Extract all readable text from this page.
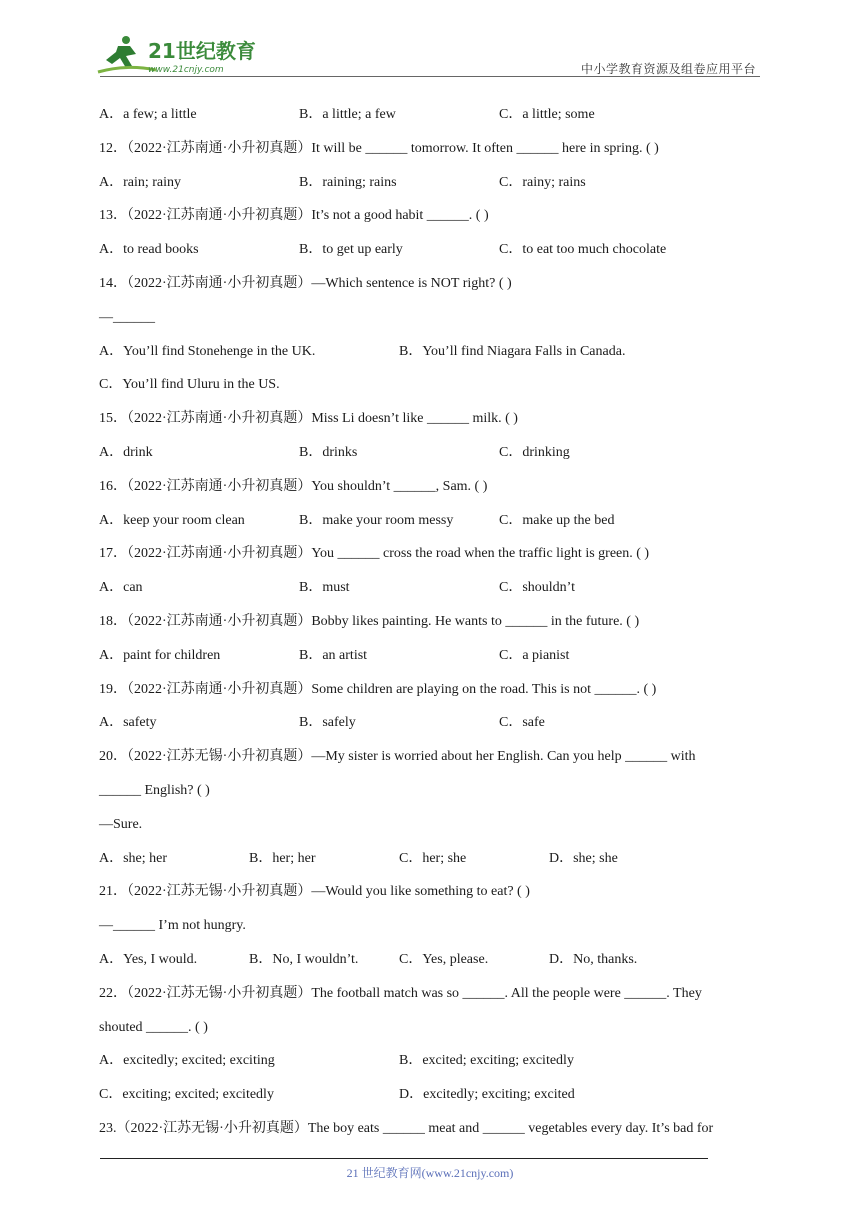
21世纪教育
www.21cnjy.com	中小学教育资源及组卷应用平台
A．a few; a little	B．a little; a few	C．a little; some
12．（2022·江苏南通·小升初真题）It will be ______ tomorrow. It often ______ here in spring. ( )
A．rain; rainy	B．raining; rains	C．rainy; rains
13．（2022·江苏南通·小升初真题）It’s not a good habit ______. ( )
A．to read books	B．to get up early	C．to eat too much chocolate
14．（2022·江苏南通·小升初真题）—Which sentence is NOT right? ( )
—______
A．You’ll find Stonehenge in the UK.	B．You’ll find Niagara Falls in Canada.
C．You’ll find Uluru in the US.
15．（2022·江苏南通·小升初真题）Miss Li doesn’t like ______ milk. ( )
A．drink	B．drinks	C．drinking
16．（2022·江苏南通·小升初真题）You shouldn’t ______, Sam. ( )
A．keep your room clean	B．make your room messy	C．make up the bed
17．（2022·江苏南通·小升初真题）You ______ cross the road when the traffic light is green. ( )
A．can	B．must	C．shouldn’t
18．（2022·江苏南通·小升初真题）Bobby likes painting. He wants to ______ in the future. ( )
A．paint for children	B．an artist	C．a pianist
19．（2022·江苏南通·小升初真题）Some children are playing on the road. This is not ______. ( )
A．safety	B．safely	C．safe
20．（2022·江苏无锡·小升初真题）—My sister is worried about her English. Can you help ______ with
______ English? ( )
—Sure.
A．she; her	B．her; her	C．her; she	D．she; she
21．（2022·江苏无锡·小升初真题）—Would you like something to eat? ( )
—______ I’m not hungry.
A．Yes, I would.	B．No, I wouldn’t.	C．Yes, please.	D．No, thanks.
22．（2022·江苏无锡·小升初真题）The football match was so ______. All the people were ______. They
shouted ______. ( )
A．excitedly; excited; exciting	B．excited; exciting; excitedly
C．exciting; excited; excitedly	D．excitedly; exciting; excited
23.（2022·江苏无锡·小升初真题）The boy eats ______ meat and ______ vegetables every day. It’s bad for
21 世纪教育网(www.21cnjy.com)
